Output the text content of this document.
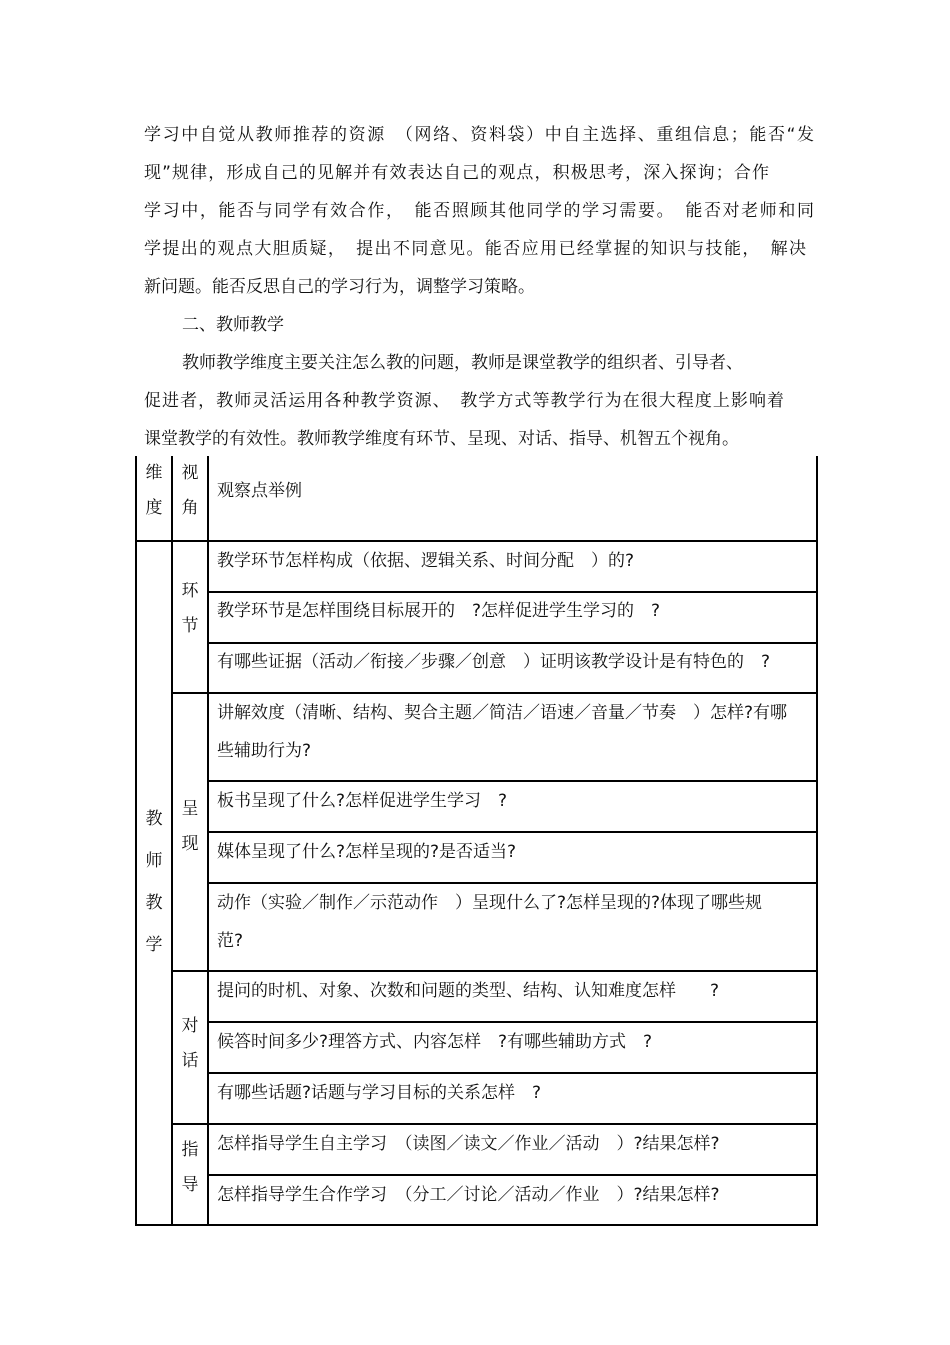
学习中自觉从教师推荐的资源　（网络、资料袋）中自主选择、重组信息；能否“发
现”规律，形成自己的见解并有效表达自己的观点，积极思考，深入探询；合作
学习中，能否与同学有效合作，　能否照顾其他同学的学习需要。　能否对老师和同
学提出的观点大胆质疑，　提出不同意见。能否应用已经掌握的知识与技能，　解决
新问题。能否反思自己的学习行为，调整学习策略。
二、教师教学
教师教学维度主要关注怎么教的问题，教师是课堂教学的组织者、引导者、
促进者，教师灵活运用各种教学资源、　教学方式等教学行为在很大程度上影响着
课堂教学的有效性。教师教学维度有环节、呈现、对话、指导、机智五个视角。
维
度
视
角
观察点举例
教
师
教
学
环
节
呈
现
对
话
指
导
教学环节怎样构成（依据、逻辑关系、时间分配　）的?
教学环节是怎样围绕目标展开的　?怎样促进学生学习的　?
有哪些证据（活动／衔接／步骤／创意　）证明该教学设计是有特色的　?
讲解效度（清晰、结构、契合主题／简洁／语速／音量／节奏　）怎样?有哪
些辅助行为?
板书呈现了什么?怎样促进学生学习　?
媒体呈现了什么?怎样呈现的?是否适当?
动作（实验／制作／示范动作　）呈现什么了?怎样呈现的?体现了哪些规
范?
提问的时机、对象、次数和问题的类型、结构、认知难度怎样　　?
候答时间多少?理答方式、内容怎样　?有哪些辅助方式　?
有哪些话题?话题与学习目标的关系怎样　?
怎样指导学生自主学习　（读图／读文／作业／活动　）?结果怎样?
怎样指导学生合作学习　（分工／讨论／活动／作业　）?结果怎样?
